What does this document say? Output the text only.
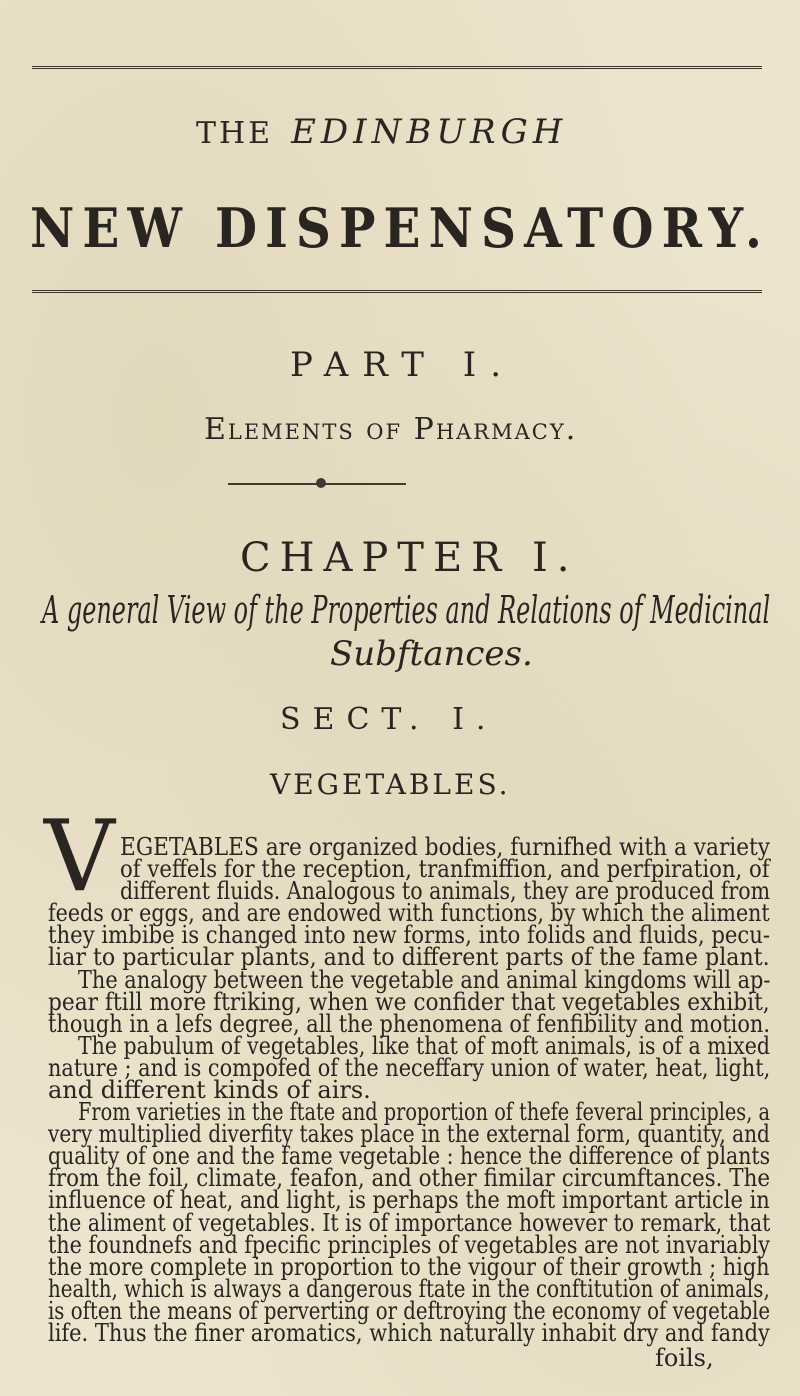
THE EDINBURGH
NEW DISPENSATORY.
PART I.
Elements of Pharmacy.
CHAPTER I.
A general View of the Properties and Relations of Medicinal
Subftances.
SECT. I.
VEGETABLES.
V EGETABLES are organized bodies, furnifhed with a variety
of veffels for the reception, tranfmiffion, and perfpiration, of
different fluids. Analogous to animals, they are produced from
feeds or eggs, and are endowed with functions, by which the aliment
they imbibe is changed into new forms, into folids and fluids, pecu-
liar to particular plants, and to different parts of the fame plant.
The analogy between the vegetable and animal kingdoms will ap-
pear ftill more ftriking, when we confider that vegetables exhibit,
though in a lefs degree, all the phenomena of fenfibility and motion.
The pabulum of vegetables, like that of moft animals, is of a mixed
nature ; and is compofed of the neceffary union of water, heat, light,
and different kinds of airs.
From varieties in the ftate and proportion of thefe feveral principles, a
very multiplied diverfity takes place in the external form, quantity, and
quality of one and the fame vegetable : hence the difference of plants
from the foil, climate, feafon, and other fimilar circumftances. The
influence of heat, and light, is perhaps the moft important article in
the aliment of vegetables. It is of importance however to remark, that
the foundnefs and fpecific principles of vegetables are not invariably
the more complete in proportion to the vigour of their growth ; high
health, which is always a dangerous ftate in the conftitution of animals,
is often the means of perverting or deftroying the economy of vegetable
life. Thus the finer aromatics, which naturally inhabit dry and fandy
foils,
